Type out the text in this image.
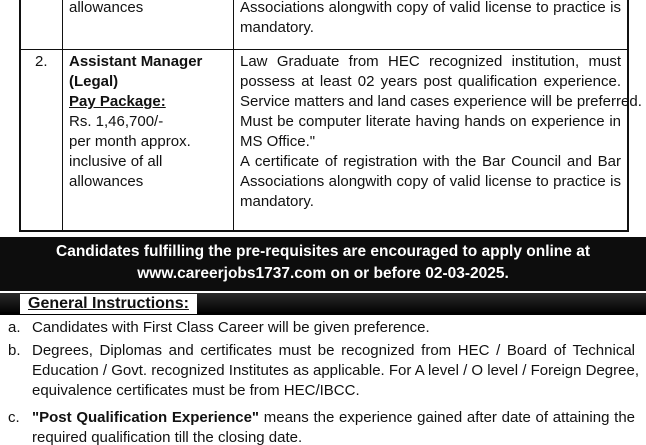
allowances	Associations alongwith copy of valid license to practice is
mandatory.
2. Assistant Manager
(Legal)
Pay Package:
Rs. 1,46,700/-
per month approx.
inclusive of all
allowances
Law Graduate from HEC recognized institution, must
possess at least 02 years post qualification experience.
Service matters and land cases experience will be preferred.
Must be computer literate having hands on experience in
MS Office."
A certificate of registration with the Bar Council and Bar
Associations alongwith copy of valid license to practice is
mandatory.
Candidates fulfilling the pre-requisites are encouraged to apply online at
www.careerjobs1737.com on or before 02-03-2025.
General Instructions:
a. Candidates with First Class Career will be given preference.
b. Degrees, Diplomas and certificates must be recognized from HEC / Board of Technical
Education / Govt. recognized Institutes as applicable. For A level / O level / Foreign Degree,
equivalence certificates must be from HEC/IBCC.
c. "Post Qualification Experience" means the experience gained after date of attaining the
required qualification till the closing date.
